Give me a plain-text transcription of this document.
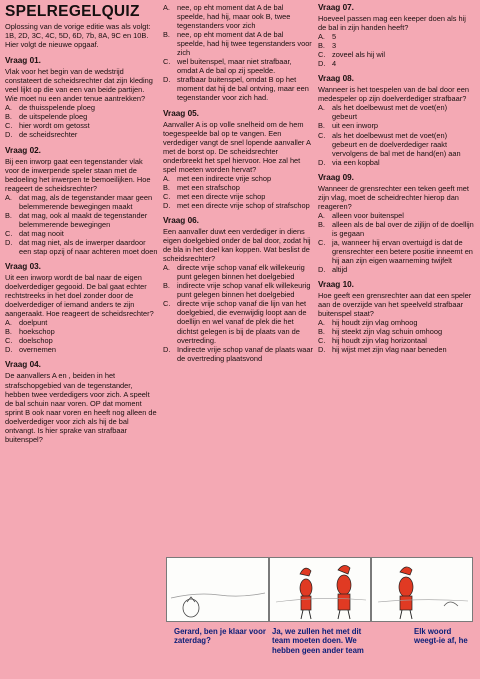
SPELREGELQUIZ

Oplossing van de vorige editie was als volgt: 1B, 2D, 3C, 4C, 5D, 6D, 7b, 8A, 9C en 10B. Hier volgt de nieuwe opgaaf.

Vraag 01.
Vlak voor het begin van de wedstrijd constateert de scheidsrechter dat zijn kleding veel lijkt op die van een van beide partijen. Wie moet nu een ander tenue aantrekken?
A. de thuisspelende ploeg
B. de uitspelende ploeg
C. hier wordt om getosst
D. de scheidsrechter
Vraag 02.
Bij een inworp gaat een tegenstander vlak voor de inwerpende speler staan met de bedoeling het inwerpen te bemoeilijken. Hoe reageert de scheidsrechter?
A. dat mag, als de tegenstander maar geen belemmerende bewegingen maakt
B. dat mag, ook al maakt de tegenstander belemmerende bewegingen
C. dat mag nooit
D. dat mag niet, als de inwerper daardoor een stap opzij of naar achteren moet doen
Vraag 03.
Uit een inworp wordt de bal naar de eigen doelverdediger gegooid. De bal gaat echter rechtstreeks in het doel zonder door de doelverdediger of iemand anders te zijn aangeraakt. Hoe reageert de scheidsrechter?
A. doelpunt
B. hoekschop
C. doelschop
D. overnemen
Vraag 04.
De aanvallers A en , beiden in het strafschopgebied van de tegenstander, hebben twee verdedigers voor zich. A speelt de bal schuin naar voren. OP dat moment sprint B ook naar voren en heeft nog alleen de doelverdediger voor zich als hij de bal ontvangt. Is hier sprake van strafbaar buitenspel?
A. nee, op eht moment dat A de bal speelde, had hij, maar ook B, twee tegenstanders voor zich
B. nee, op eht moment dat A de bal speelde, had hij twee tegenstanders voor zich
C. wel buitenspel, maar niet strafbaar, omdat A de bal op zij speelde.
D. strafbaar buitenspel, omdat B op het moment dat hij de bal ontving, maar een tegenstander voor zich had.
Vraag 05.
Aanvaller A is op volle snelheid om de hem toegespeelde bal op te vangen. Een verdediger vangt de snel lopende aanvaller A met de borst op. De scheidsrechter onderbreekt het spel hiervoor. Hoe zal het spel moeten worden hervat?
A. met een indirecte vrije schop
B. met een strafschop
C. met een directe vrije schop
D. met een directe vrije schop of strafschop
Vraag 06.
Een aanvaller duwt een verdediger in diens eigen doelgebied onder de bal door, zodat hij de bla in het doel kan koppen. Wat beslist de scheidsrechter?
A. directe vrije schop vanaf elk willekeurig punt gelegen binnen het doelgebied
B. indirecte vrije schop vanaf elk willekeurig punt gelegen binnen het doelgebied
C. directe vrije schop vanaf die lijn van het doelgebied, die evenwijdig loopt aan de doellijn en wel vanaf de plek die het dichtst gelegen is bij de plaats van de overtreding.
D. Indirecte vrije schop vanaf de plaats waar de overtreding plaatsvond
Vraag 07.
Hoeveel passen mag een keeper doen als hij de bal in zijn handen heeft?
A. 5
B. 3
C. zoveel als hij wil
D. 4
Vraag 08.
Wanneer is het toespelen van de bal door een medespeler op zijn doelverdediger strafbaar?
A. als het doelbewust met de voet(en) gebeurt
B. uit een inworp
C. als het doelbewust met de voet(en) gebeurt en de doelverdediger raakt vervolgens de bal met de hand(en) aan
D. via een kopbal
Vraag 09.
Wanneer de grensrechter een teken geeft met zijn vlag, moet de scheidrechter hierop dan reageren?
A. alleen voor buitenspel
B. alleen als de bal over de zijlijn of de doellijn is gegaan
C. ja, wanneer hij ervan overtuigd is dat de grensrechter een betere positie inneemt en hij aan zijn eigen waarneming twijfelt
D. altijd
Vraag 10.
Hoe geeft een grensrechter aan dat een speler aan de overzijde van het speelveld strafbaar buitenspel staat?
A. hij houdt zijn vlag omhoog
B. hij steekt zijn vlag schuin omhoog
C. hij houdt zijn vlag horizontaal
D. hij wijst met zijn vlag naar beneden
Gerard, ben je klaar voor zaterdag?
Ja, we zullen het met dit team moeten doen. We hebben geen ander team
Elk woord weegt-ie af, he
